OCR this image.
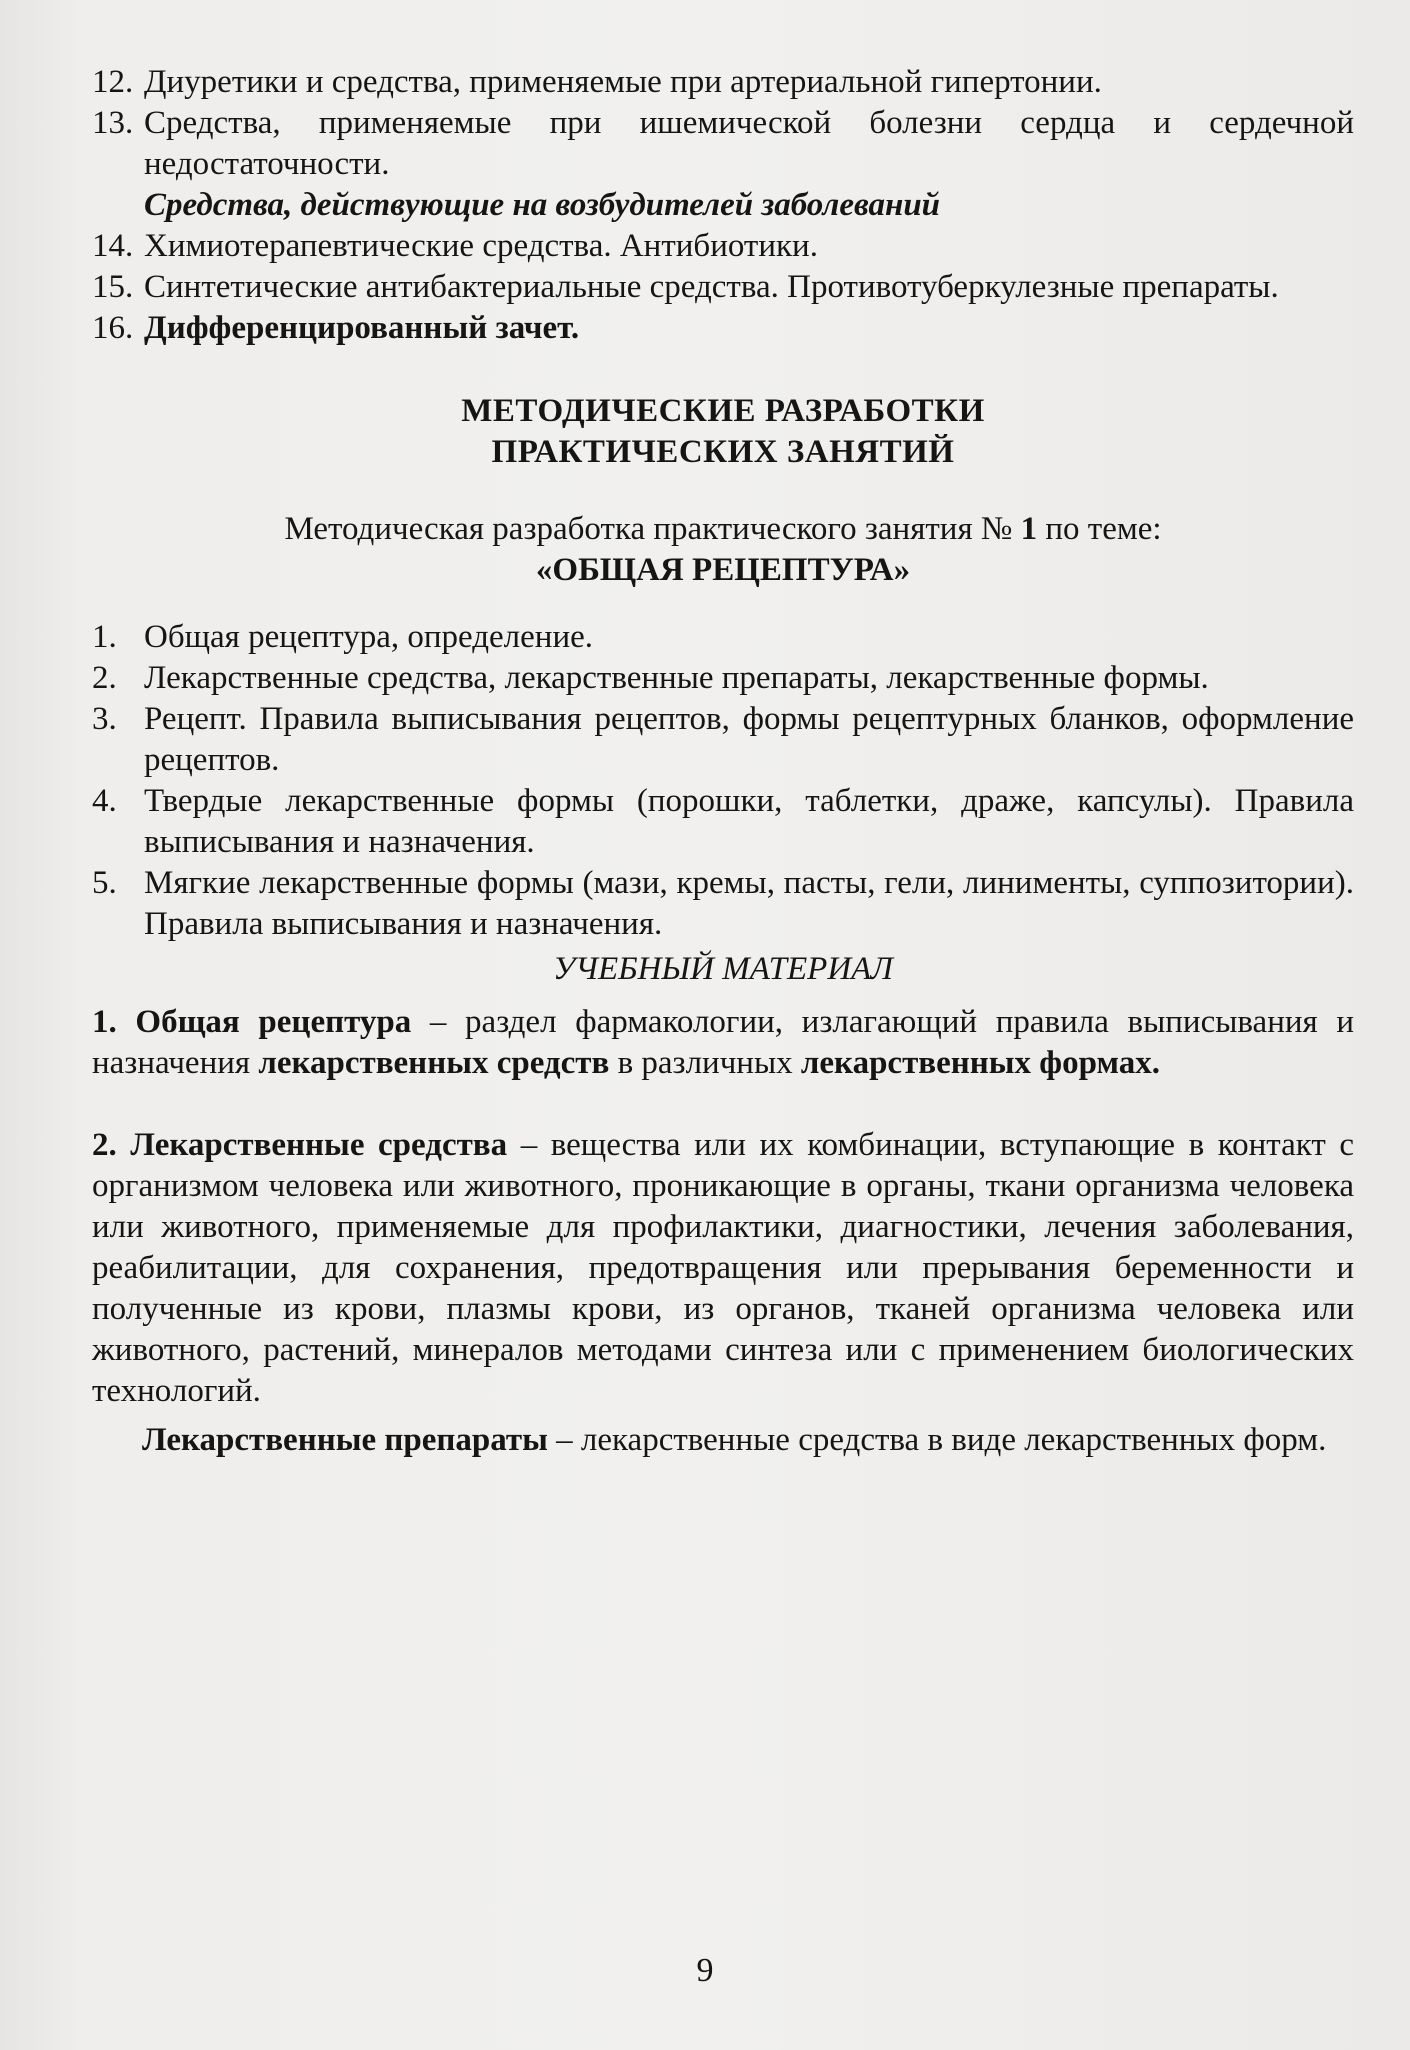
12. Диуретики и средства, применяемые при артериальной гипертонии.
13. Средства, применяемые при ишемической болезни сердца и сердечной недостаточности.
Средства, действующие на возбудителей заболеваний
14. Химиотерапевтические средства. Антибиотики.
15. Синтетические антибактериальные средства. Противотуберкулезные препараты.
16. Дифференцированный зачет.
МЕТОДИЧЕСКИЕ РАЗРАБОТКИ
ПРАКТИЧЕСКИХ ЗАНЯТИЙ
Методическая разработка практического занятия № 1 по теме:
«ОБЩАЯ РЕЦЕПТУРА»
1. Общая рецептура, определение.
2. Лекарственные средства, лекарственные препараты, лекарственные формы.
3. Рецепт. Правила выписывания рецептов, формы рецептурных бланков, оформление рецептов.
4. Твердые лекарственные формы (порошки, таблетки, драже, капсулы). Правила выписывания и назначения.
5. Мягкие лекарственные формы (мази, кремы, пасты, гели, линименты, суппозитории). Правила выписывания и назначения.
УЧЕБНЫЙ МАТЕРИАЛ
1. Общая рецептура – раздел фармакологии, излагающий правила выписывания и назначения лекарственных средств в различных лекарственных формах.
2. Лекарственные средства – вещества или их комбинации, вступающие в контакт с организмом человека или животного, проникающие в органы, ткани организма человека или животного, применяемые для профилактики, диагностики, лечения заболевания, реабилитации, для сохранения, предотвращения или прерывания беременности и полученные из крови, плазмы крови, из органов, тканей организма человека или животного, растений, минералов методами синтеза или с применением биологических технологий.
Лекарственные препараты – лекарственные средства в виде лекарственных форм.
9
